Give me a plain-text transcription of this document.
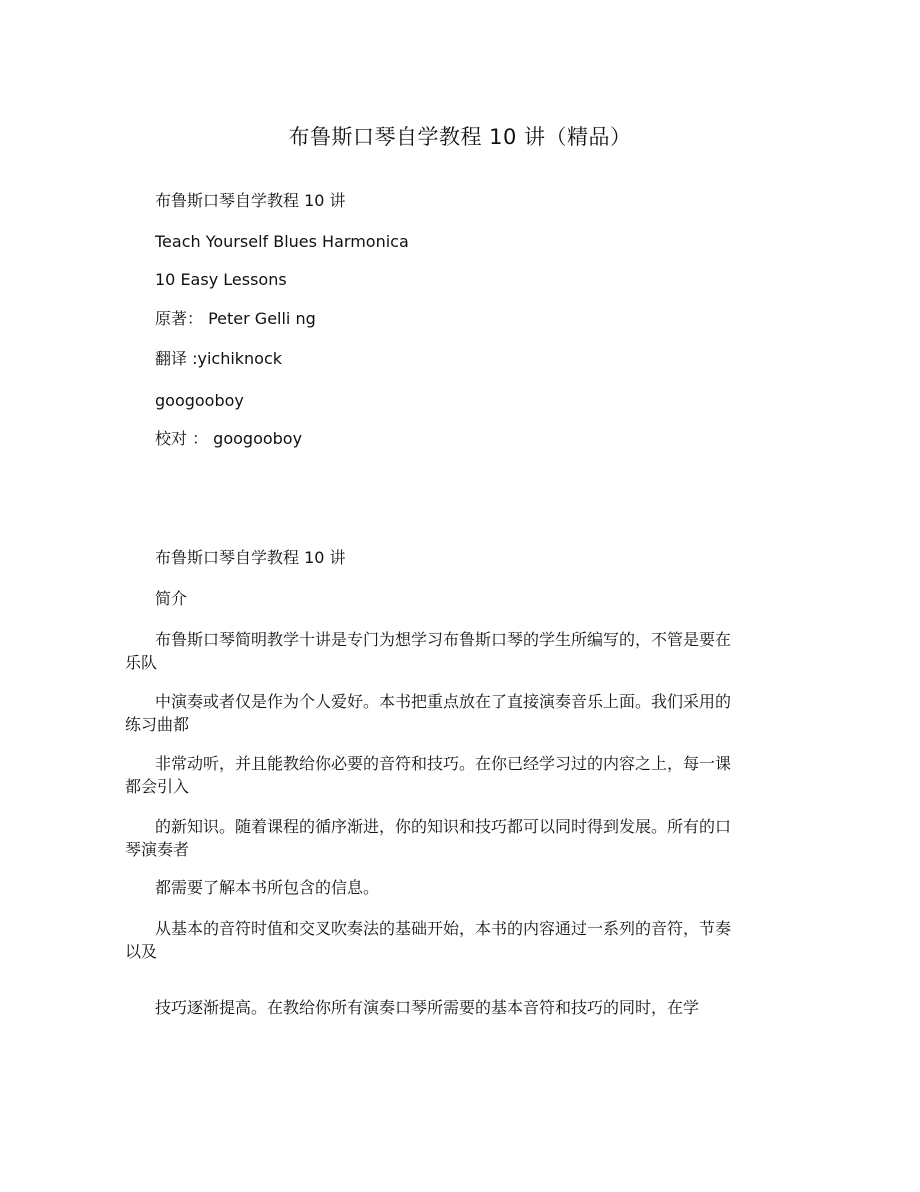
布鲁斯口琴自学教程 10 讲（精品）
布鲁斯口琴自学教程 10 讲
Teach Yourself Blues Harmonica
10 Easy Lessons
原著： Peter Gelli ng
翻译 :yichiknock
googooboy
校对 ： googooboy
布鲁斯口琴自学教程 10 讲
简介
布鲁斯口琴简明教学十讲是专门为想学习布鲁斯口琴的学生所编写的，不管是要在乐队
中演奏或者仅是作为个人爱好。本书把重点放在了直接演奏音乐上面。我们采用的练习曲都
非常动听，并且能教给你必要的音符和技巧。在你已经学习过的内容之上，每一课都会引入
的新知识。随着课程的循序渐进，你的知识和技巧都可以同时得到发展。所有的口琴演奏者
都需要了解本书所包含的信息。
从基本的音符时值和交叉吹奏法的基础开始，本书的内容通过一系列的音符，节奏以及
技巧逐渐提高。在教给你所有演奏口琴所需要的基本音符和技巧的同时，在学
